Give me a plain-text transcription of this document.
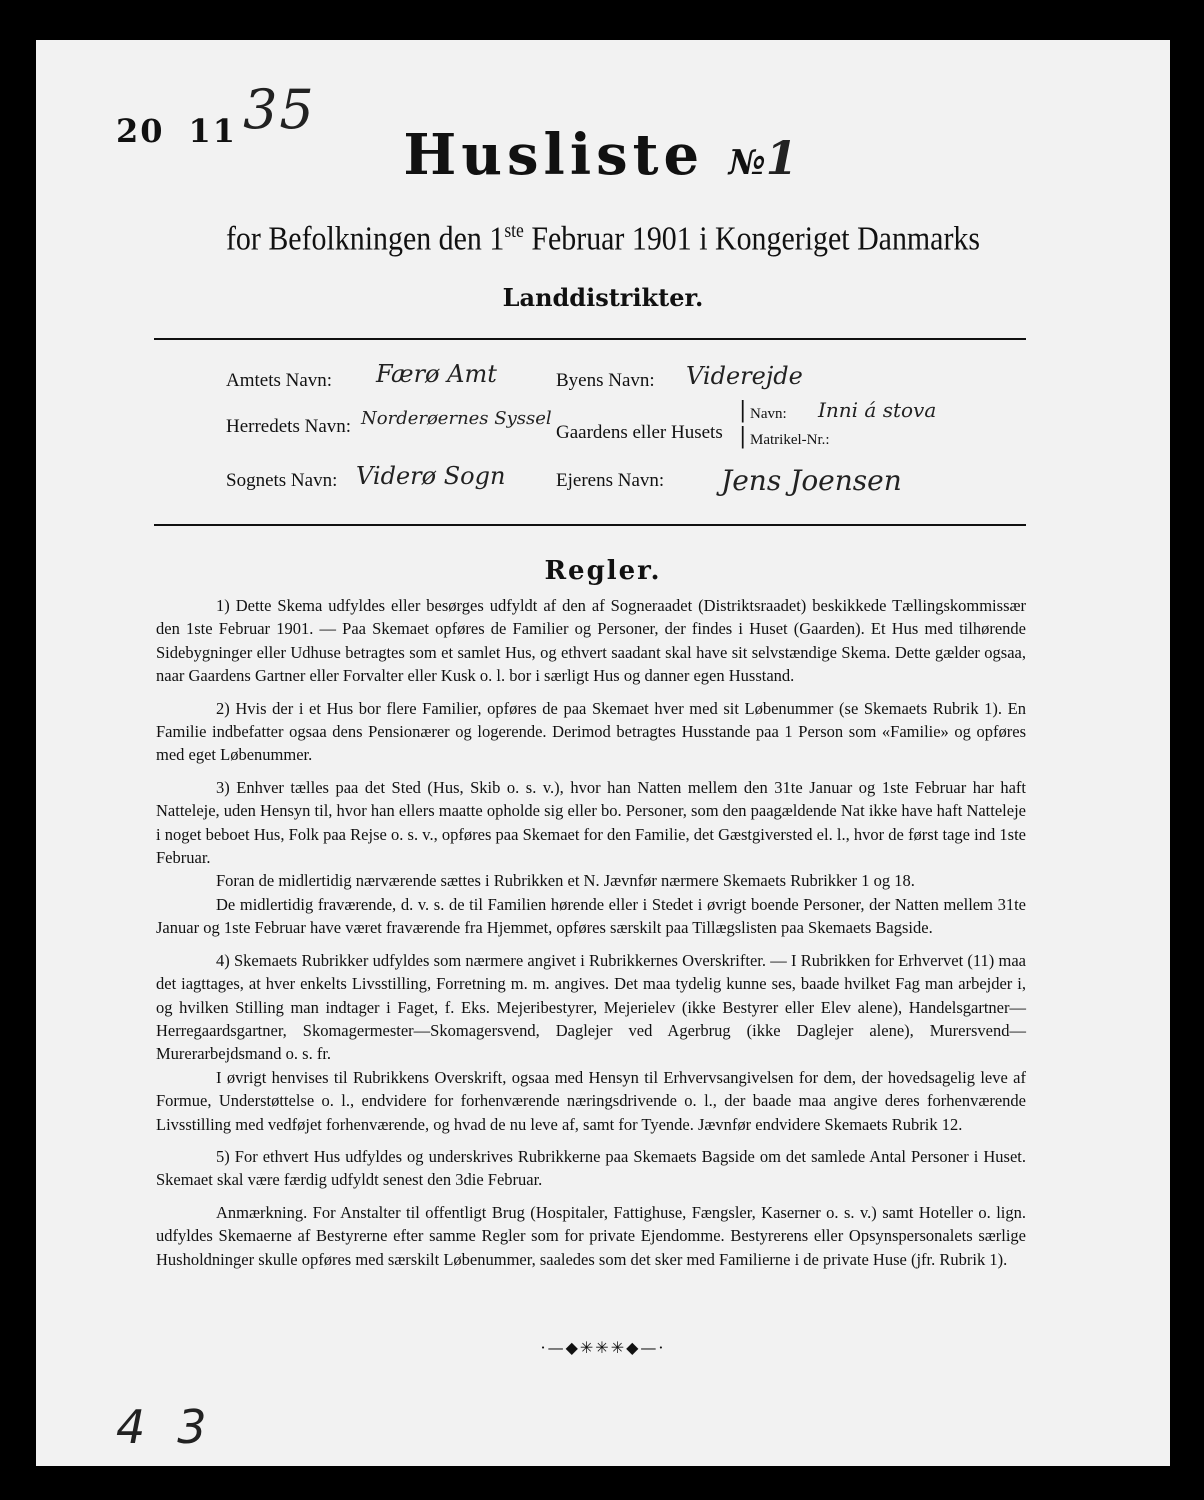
20 11 35
Husliste №1
for Befolkningen den 1ste Februar 1901 i Kongeriget Danmarks
Landdistrikter.
Amtets Navn: Færø Amt	Byens Navn: Viderejde
Herredets Navn: Norderøernes Syssel
Gaardens eller Husets
|
|
Navn: Inni á stova
Matrikel-Nr.:
Sognets Navn: Viderø Sogn	Ejerens Navn: Jens Joensen
Regler.

1) Dette Skema udfyldes eller besørges udfyldt af den af Sogneraadet (Distriktsraadet) beskikkede Tællingskommissær den 1ste Februar 1901. — Paa Skemaet opføres de Familier og Personer, der findes i Huset (Gaarden). Et Hus med tilhørende Sidebygninger eller Udhuse betragtes som et samlet Hus, og ethvert saadant skal have sit selvstændige Skema. Dette gælder ogsaa, naar Gaardens Gartner eller Forvalter eller Kusk o. l. bor i særligt Hus og danner egen Husstand.

2) Hvis der i et Hus bor flere Familier, opføres de paa Skemaet hver med sit Løbenummer (se Skemaets Rubrik 1). En Familie indbefatter ogsaa dens Pensionærer og logerende. Derimod betragtes Husstande paa 1 Person som «Familie» og opføres med eget Løbenummer.

3) Enhver tælles paa det Sted (Hus, Skib o. s. v.), hvor han Natten mellem den 31te Januar og 1ste Februar har haft Natteleje, uden Hensyn til, hvor han ellers maatte opholde sig eller bo. Personer, som den paagældende Nat ikke have haft Natteleje i noget beboet Hus, Folk paa Rejse o. s. v., opføres paa Skemaet for den Familie, det Gæstgiversted el. l., hvor de først tage ind 1ste Februar.

Foran de midlertidig nærværende sættes i Rubrikken et N. Jævnfør nærmere Skemaets Rubrikker 1 og 18.

De midlertidig fraværende, d. v. s. de til Familien hørende eller i Stedet i øvrigt boende Personer, der Natten mellem 31te Januar og 1ste Februar have været fraværende fra Hjemmet, opføres særskilt paa Tillægslisten paa Skemaets Bagside.

4) Skemaets Rubrikker udfyldes som nærmere angivet i Rubrikkernes Overskrifter. — I Rubrikken for Erhvervet (11) maa det iagttages, at hver enkelts Livsstilling, Forretning m. m. angives. Det maa tydelig kunne ses, baade hvilket Fag man arbejder i, og hvilken Stilling man indtager i Faget, f. Eks. Mejeribestyrer, Mejerielev (ikke Bestyrer eller Elev alene), Handelsgartner—Herregaardsgartner, Skomagermester—Skomagersvend, Daglejer ved Agerbrug (ikke Daglejer alene), Murersvend—Murerarbejdsmand o. s. fr.

I øvrigt henvises til Rubrikkens Overskrift, ogsaa med Hensyn til Erhvervsangivelsen for dem, der hovedsagelig leve af Formue, Understøttelse o. l., endvidere for forhenværende næringsdrivende o. l., der baade maa angive deres forhenværende Livsstilling med vedføjet forhenværende, og hvad de nu leve af, samt for Tyende. Jævnfør endvidere Skemaets Rubrik 12.

5) For ethvert Hus udfyldes og underskrives Rubrikkerne paa Skemaets Bagside om det samlede Antal Personer i Huset. Skemaet skal være færdig udfyldt senest den 3die Februar.

Anmærkning. For Anstalter til offentligt Brug (Hospitaler, Fattighuse, Fængsler, Kaserner o. s. v.) samt Hoteller o. lign. udfyldes Skemaerne af Bestyrerne efter samme Regler som for private Ejendomme. Bestyrerens eller Opsynspersonalets særlige Husholdninger skulle opføres med særskilt Løbenummer, saaledes som det sker med Familierne i de private Huse (jfr. Rubrik 1).

·—◆✳✳✳◆—·
4 3
